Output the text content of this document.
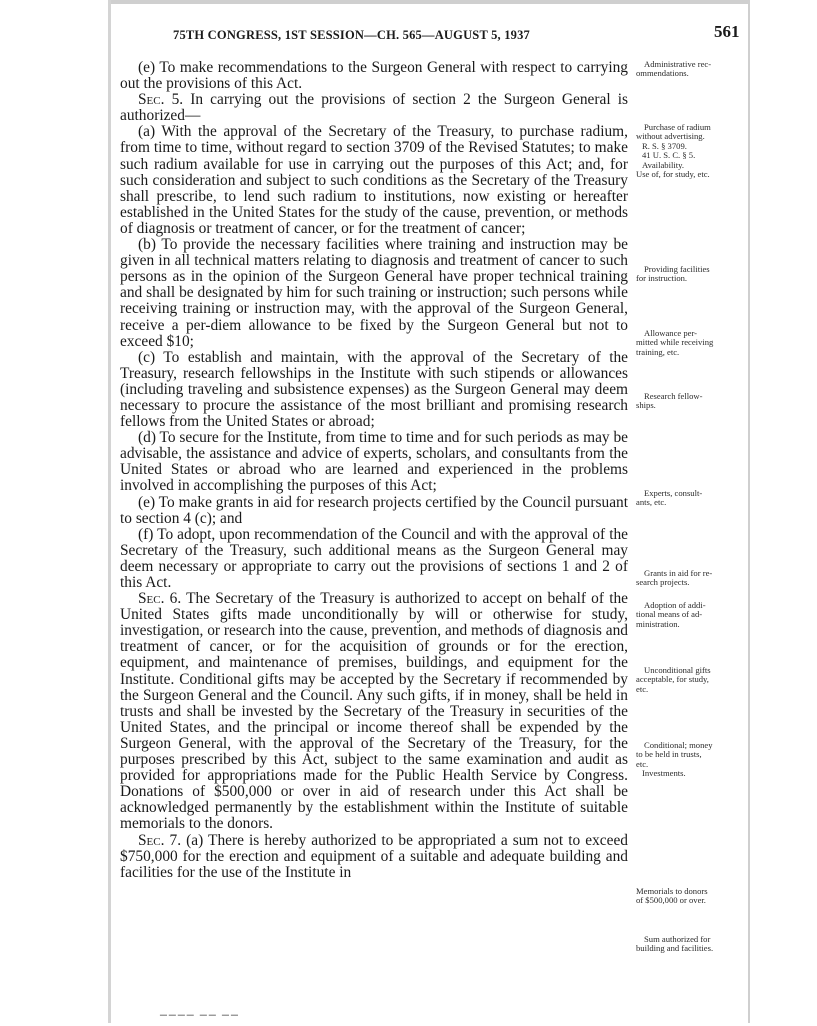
75TH CONGRESS, 1ST SESSION—CH. 565—AUGUST 5, 1937	561

(e) To make recommendations to the Surgeon General with respect to carrying out the provisions of this Act.

Sec. 5. In carrying out the provisions of section 2 the Surgeon General is authorized—

(a) With the approval of the Secretary of the Treasury, to purchase radium, from time to time, without regard to section 3709 of the Revised Statutes; to make such radium available for use in carrying out the purposes of this Act; and, for such consideration and subject to such conditions as the Secretary of the Treasury shall prescribe, to lend such radium to institutions, now existing or hereafter established in the United States for the study of the cause, prevention, or methods of diagnosis or treatment of cancer, or for the treatment of cancer;

(b) To provide the necessary facilities where training and instruction may be given in all technical matters relating to diagnosis and treatment of cancer to such persons as in the opinion of the Surgeon General have proper technical training and shall be designated by him for such training or instruction; such persons while receiving training or instruction may, with the approval of the Surgeon General, receive a per-diem allowance to be fixed by the Surgeon General but not to exceed $10;

(c) To establish and maintain, with the approval of the Secretary of the Treasury, research fellowships in the Institute with such stipends or allowances (including traveling and subsistence expenses) as the Surgeon General may deem necessary to procure the assistance of the most brilliant and promising research fellows from the United States or abroad;

(d) To secure for the Institute, from time to time and for such periods as may be advisable, the assistance and advice of experts, scholars, and consultants from the United States or abroad who are learned and experienced in the problems involved in accomplishing the purposes of this Act;

(e) To make grants in aid for research projects certified by the Council pursuant to section 4 (c); and

(f) To adopt, upon recommendation of the Council and with the approval of the Secretary of the Treasury, such additional means as the Surgeon General may deem necessary or appropriate to carry out the provisions of sections 1 and 2 of this Act.

Sec. 6. The Secretary of the Treasury is authorized to accept on behalf of the United States gifts made unconditionally by will or otherwise for study, investigation, or research into the cause, prevention, and methods of diagnosis and treatment of cancer, or for the acquisition of grounds or for the erection, equipment, and maintenance of premises, buildings, and equipment for the Institute. Conditional gifts may be accepted by the Secretary if recommended by the Surgeon General and the Council. Any such gifts, if in money, shall be held in trusts and shall be invested by the Secretary of the Treasury in securities of the United States, and the principal or income thereof shall be expended by the Surgeon General, with the approval of the Secretary of the Treasury, for the purposes prescribed by this Act, subject to the same examination and audit as provided for appropriations made for the Public Health Service by Congress. Donations of $500,000 or over in aid of research under this Act shall be acknowledged permanently by the establishment within the Institute of suitable memorials to the donors.

Sec. 7. (a) There is hereby authorized to be appropriated a sum not to exceed $750,000 for the erection and equipment of a suitable and adequate building and facilities for the use of the Institute in

Administrative rec-
ommendations.
Purchase of radium
without advertising.
R. S. § 3709.
41 U. S. C. § 5.
Availability.
Use of, for study, etc.
Providing facilities
for instruction.
Allowance per-
mitted while receiving
training, etc.
Research fellow-
ships.
Experts, consult-
ants, etc.
Grants in aid for re-
search projects.
Adoption of addi-
tional means of ad-
ministration.
Unconditional gifts
acceptable, for study,
etc.
Conditional; money
to be held in trusts,
etc.
Investments.
Memorials to donors
of $500,000 or over.
Sum authorized for
building and facilities.
▔▔▔▔ ▔▔ ▔▔
